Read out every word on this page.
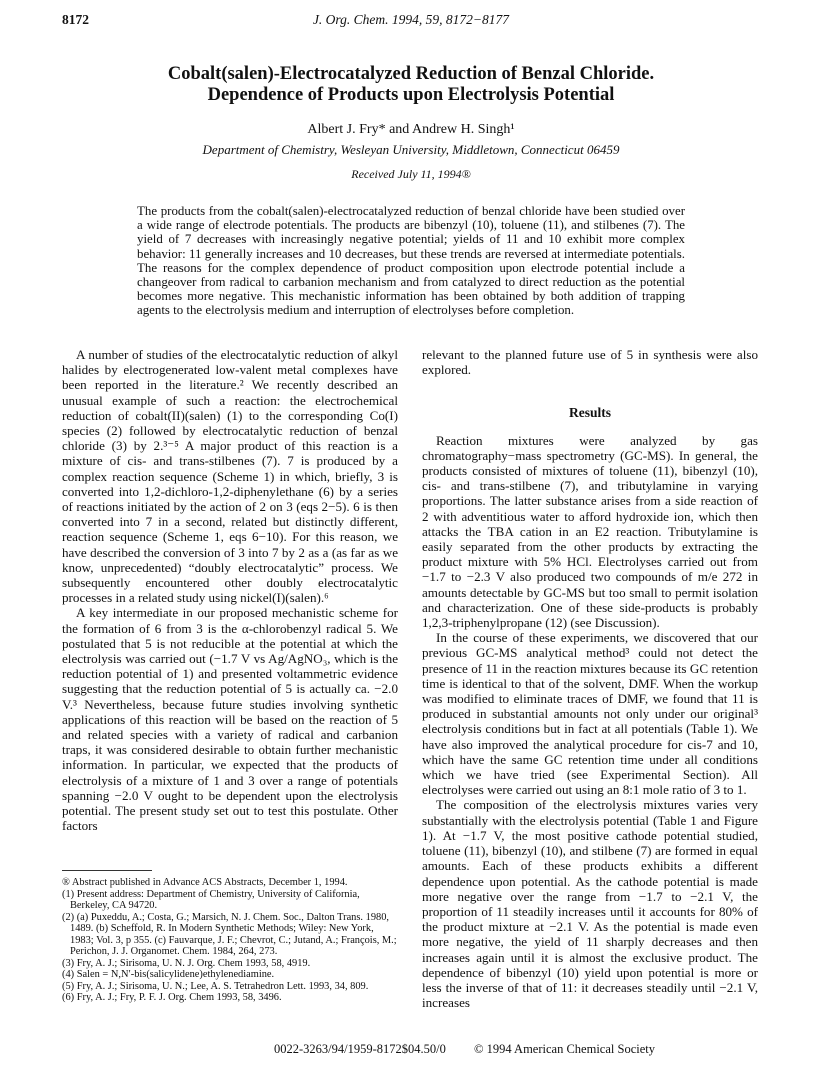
8172	J. Org. Chem. 1994, 59, 8172−8177
Cobalt(salen)-Electrocatalyzed Reduction of Benzal Chloride.
Dependence of Products upon Electrolysis Potential
Albert J. Fry* and Andrew H. Singh¹
Department of Chemistry, Wesleyan University, Middletown, Connecticut 06459
Received July 11, 1994®

The products from the cobalt(salen)-electrocatalyzed reduction of benzal chloride have been studied over a wide range of electrode potentials. The products are bibenzyl (10), toluene (11), and stilbenes (7). The yield of 7 decreases with increasingly negative potential; yields of 11 and 10 exhibit more complex behavior: 11 generally increases and 10 decreases, but these trends are reversed at intermediate potentials. The reasons for the complex dependence of product composition upon electrode potential include a changeover from radical to carbanion mechanism and from catalyzed to direct reduction as the potential becomes more negative. This mechanistic information has been obtained by both addition of trapping agents to the electrolysis medium and interruption of electrolyses before completion.

A number of studies of the electrocatalytic reduction of alkyl halides by electrogenerated low-valent metal complexes have been reported in the literature.² We recently described an unusual example of such a reaction: the electrochemical reduction of cobalt(II)(salen) (1) to the corresponding Co(I) species (2) followed by electrocatalytic reduction of benzal chloride (3) by 2.³⁻⁵ A major product of this reaction is a mixture of cis- and trans-stilbenes (7). 7 is produced by a complex reaction sequence (Scheme 1) in which, briefly, 3 is converted into 1,2-dichloro-1,2-diphenylethane (6) by a series of reactions initiated by the action of 2 on 3 (eqs 2−5). 6 is then converted into 7 in a second, related but distinctly different, reaction sequence (Scheme 1, eqs 6−10). For this reason, we have described the conversion of 3 into 7 by 2 as a (as far as we know, unprecedented) “doubly electrocatalytic” process. We subsequently encountered other doubly electrocatalytic processes in a related study using nickel(I)(salen).⁶

A key intermediate in our proposed mechanistic scheme for the formation of 6 from 3 is the α-chlorobenzyl radical 5. We postulated that 5 is not reducible at the potential at which the electrolysis was carried out (−1.7 V vs Ag/AgNO₃, which is the reduction potential of 1) and presented voltammetric evidence suggesting that the reduction potential of 5 is actually ca. −2.0 V.³ Nevertheless, because future studies involving synthetic applications of this reaction will be based on the reaction of 5 and related species with a variety of radical and carbanion traps, it was considered desirable to obtain further mechanistic information. In particular, we expected that the products of electrolysis of a mixture of 1 and 3 over a range of potentials spanning −2.0 V ought to be dependent upon the electrolysis potential. The present study set out to test this postulate. Other factors

relevant to the planned future use of 5 in synthesis were also explored.

Results

Reaction mixtures were analyzed by gas chromatography−mass spectrometry (GC-MS). In general, the products consisted of mixtures of toluene (11), bibenzyl (10), cis- and trans-stilbene (7), and tributylamine in varying proportions. The latter substance arises from a side reaction of 2 with adventitious water to afford hydroxide ion, which then attacks the TBA cation in an E2 reaction. Tributylamine is easily separated from the other products by extracting the product mixture with 5% HCl. Electrolyses carried out from −1.7 to −2.3 V also produced two compounds of m/e 272 in amounts detectable by GC-MS but too small to permit isolation and characterization. One of these side-products is probably 1,2,3-triphenylpropane (12) (see Discussion).

In the course of these experiments, we discovered that our previous GC-MS analytical method³ could not detect the presence of 11 in the reaction mixtures because its GC retention time is identical to that of the solvent, DMF. When the workup was modified to eliminate traces of DMF, we found that 11 is produced in substantial amounts not only under our original³ electrolysis conditions but in fact at all potentials (Table 1). We have also improved the analytical procedure for cis-7 and 10, which have the same GC retention time under all conditions which we have tried (see Experimental Section). All electrolyses were carried out using an 8:1 mole ratio of 3 to 1.

The composition of the electrolysis mixtures varies very substantially with the electrolysis potential (Table 1 and Figure 1). At −1.7 V, the most positive cathode potential studied, toluene (11), bibenzyl (10), and stilbene (7) are formed in equal amounts. Each of these products exhibits a different dependence upon potential. As the cathode potential is made more negative over the range from −1.7 to −2.1 V, the proportion of 11 steadily increases until it accounts for 80% of the product mixture at −2.1 V. As the potential is made even more negative, the yield of 11 sharply decreases and then increases again until it is almost the exclusive product. The dependence of bibenzyl (10) yield upon potential is more or less the inverse of that of 11: it decreases steadily until −2.1 V, increases

® Abstract published in Advance ACS Abstracts, December 1, 1994.
(1) Present address: Department of Chemistry, University of California, Berkeley, CA 94720.
(2) (a) Puxeddu, A.; Costa, G.; Marsich, N. J. Chem. Soc., Dalton Trans. 1980, 1489. (b) Scheffold, R. In Modern Synthetic Methods; Wiley: New York, 1983; Vol. 3, p 355. (c) Fauvarque, J. F.; Chevrot, C.; Jutand, A.; François, M.; Perichon, J. J. Organomet. Chem. 1984, 264, 273.
(3) Fry, A. J.; Sirisoma, U. N. J. Org. Chem 1993, 58, 4919.
(4) Salen = N,N′-bis(salicylidene)ethylenediamine.
(5) Fry, A. J.; Sirisoma, U. N.; Lee, A. S. Tetrahedron Lett. 1993, 34, 809.
(6) Fry, A. J.; Fry, P. F. J. Org. Chem 1993, 58, 3496.
0022-3263/94/1959-8172$04.50/0 © 1994 American Chemical Society
